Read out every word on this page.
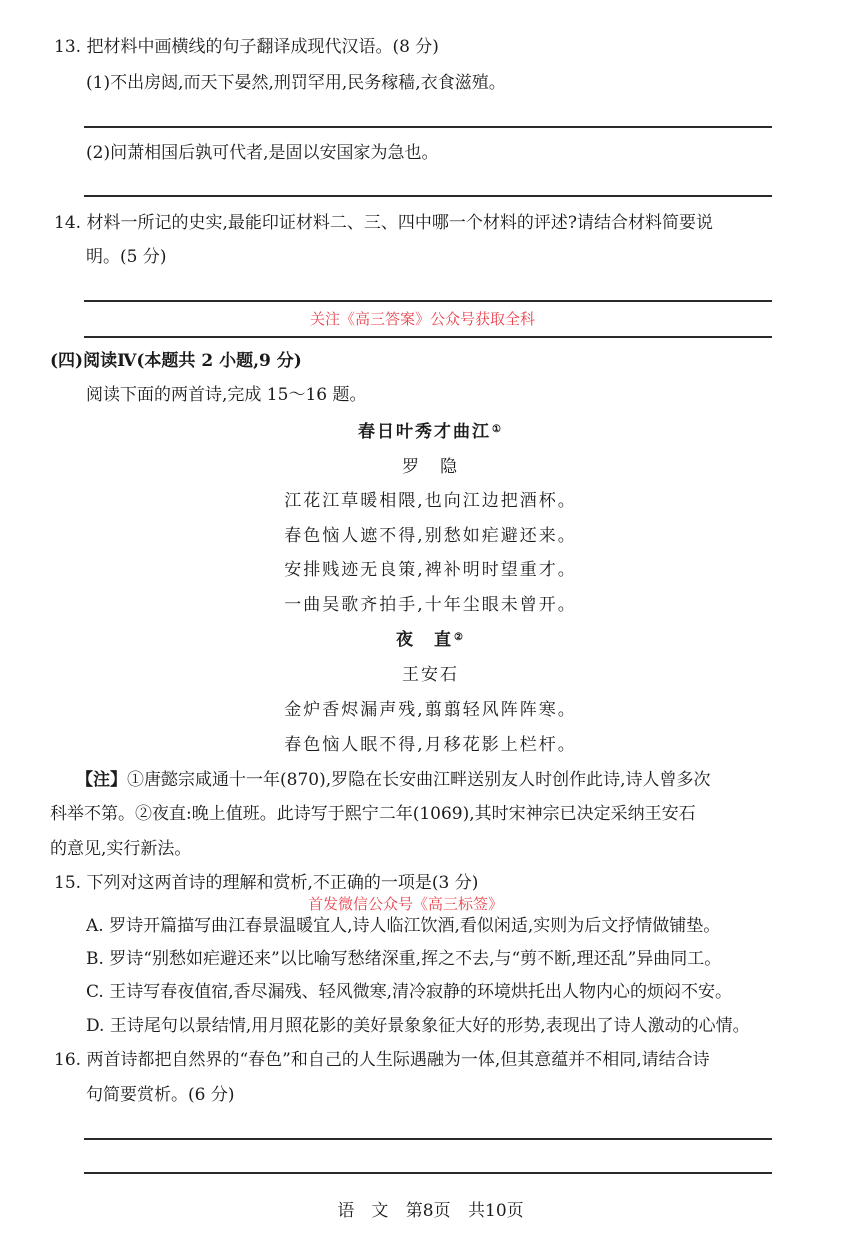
13. 把材料中画横线的句子翻译成现代汉语。(8 分)
(1)不出房闼,而天下晏然,刑罚罕用,民务稼穑,衣食滋殖。
(2)问萧相国后孰可代者,是固以安国家为急也。
14. 材料一所记的史实,最能印证材料二、三、四中哪一个材料的评述?请结合材料简要说
明。(5 分)
关注《高三答案》公众号获取全科
(四)阅读Ⅳ(本题共 2 小题,9 分)
阅读下面的两首诗,完成 15～16 题。
春日叶秀才曲江①
罗　隐
江花江草暖相隈,也向江边把酒杯。
春色恼人遮不得,别愁如疟避还来。
安排贱迹无良策,裨补明时望重才。
一曲吴歌齐拍手,十年尘眼未曾开。
夜　直②
王安石
金炉香烬漏声残,翦翦轻风阵阵寒。
春色恼人眠不得,月移花影上栏杆。
【注】①唐懿宗咸通十一年(870),罗隐在长安曲江畔送别友人时创作此诗,诗人曾多次
科举不第。②夜直:晚上值班。此诗写于熙宁二年(1069),其时宋神宗已决定采纳王安石
的意见,实行新法。
15. 下列对这两首诗的理解和赏析,不正确的一项是(3 分)
首发微信公众号《高三标签》
A. 罗诗开篇描写曲江春景温暖宜人,诗人临江饮酒,看似闲适,实则为后文抒情做铺垫。
B. 罗诗“别愁如疟避还来”以比喻写愁绪深重,挥之不去,与“剪不断,理还乱”异曲同工。
C. 王诗写春夜值宿,香尽漏残、轻风微寒,清冷寂静的环境烘托出人物内心的烦闷不安。
D. 王诗尾句以景结情,用月照花影的美好景象象征大好的形势,表现出了诗人激动的心情。
16. 两首诗都把自然界的“春色”和自己的人生际遇融为一体,但其意蕴并不相同,请结合诗
句简要赏析。(6 分)
语　文 第8页 共10页
